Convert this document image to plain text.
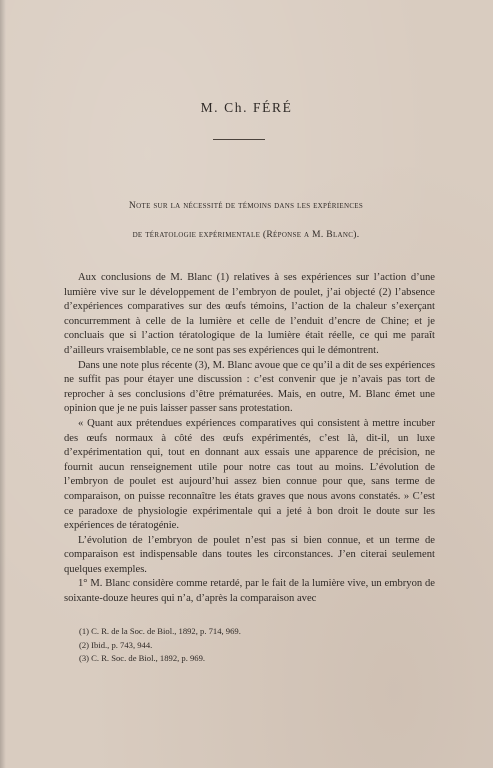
M. Ch. FÉRÉ
Note sur la nécessité de témoins dans les expériences
de tératologie expérimentale (Réponse a M. Blanc).

Aux conclusions de M. Blanc (1) relatives à ses expériences sur l’action d’une lumière vive sur le développement de l’embryon de poulet, j’ai objecté (2) l’absence d’expériences comparatives sur des œufs témoins, l’action de la chaleur s’exerçant concurremment à celle de la lumière et celle de l’enduit d’encre de Chine; et je concluais que si l’action tératologique de la lumière était réelle, ce qui me paraît d’ailleurs vraisemblable, ce ne sont pas ses expériences qui le démontrent.

Dans une note plus récente (3), M. Blanc avoue que ce qu’il a dit de ses expériences ne suffit pas pour étayer une discussion : c’est convenir que je n’avais pas tort de reprocher à ses conclusions d’être prématurées. Mais, en outre, M. Blanc émet une opinion que je ne puis laisser passer sans protestation.

« Quant aux prétendues expériences comparatives qui consistent à mettre incuber des œufs normaux à côté des œufs expérimentés, c’est là, dit-il, un luxe d’expérimentation qui, tout en donnant aux essais une apparence de précision, ne fournit aucun renseignement utile pour notre cas tout au moins. L’évolution de l’embryon de poulet est aujourd’hui assez bien connue pour que, sans terme de comparaison, on puisse reconnaître les états graves que nous avons constatés. » C’est ce paradoxe de physiologie expérimentale qui a jeté à bon droit le doute sur les expériences de tératogénie.

L’évolution de l’embryon de poulet n’est pas si bien connue, et un terme de comparaison est indispensable dans toutes les circonstances. J’en citerai seulement quelques exemples.

1° M. Blanc considère comme retardé, par le fait de la lumière vive, un embryon de soixante-douze heures qui n’a, d’après la comparaison avec

(1) C. R. de la Soc. de Biol., 1892, p. 714, 969.
(2) Ibid., p. 743, 944.
(3) C. R. Soc. de Biol., 1892, p. 969.
